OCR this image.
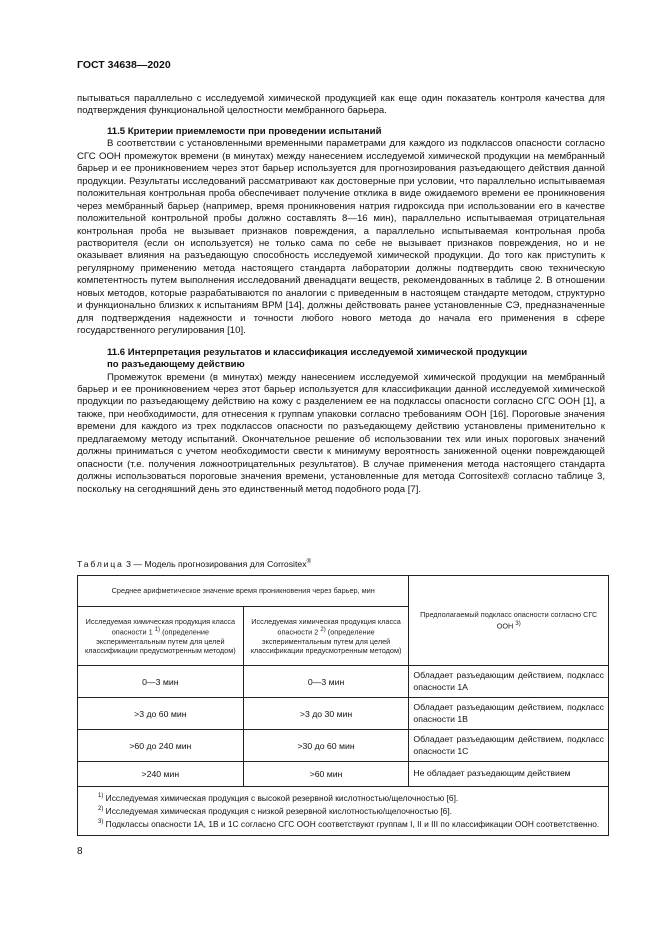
ГОСТ 34638—2020

пытываться параллельно с исследуемой химической продукцией как еще один показатель контроля качества для подтверждения функциональной целостности мембранного барьера.

11.5 Критерии приемлемости при проведении испытаний

В соответствии с установленными временными параметрами для каждого из подклассов опасности согласно СГС ООН промежуток времени (в минутах) между нанесением исследуемой химической продукции на мембранный барьер и ее проникновением через этот барьер используется для прогнозирования разъедающего действия данной продукции. Результаты исследований рассматривают как достоверные при условии, что параллельно испытываемая положительная контрольная проба обеспечивает получение отклика в виде ожидаемого времени ее проникновения через мембранный барьер (например, время проникновения натрия гидроксида при использовании его в качестве положительной контрольной пробы должно составлять 8—16 мин), параллельно испытываемая отрицательная контрольная проба не вызывает признаков повреждения, а параллельно испытываемая контрольная проба растворителя (если он используется) не только сама по себе не вызывает признаков повреждения, но и не оказывает влияния на разъедающую способность исследуемой химической продукции. До того как приступить к регулярному применению метода настоящего стандарта лаборатории должны подтвердить свою техническую компетентность путем выполнения исследований двенадцати веществ, рекомендованных в таблице 2. В отношении новых методов, которые разрабатываются по аналогии с приведенным в настоящем стандарте методом, структурно и функционально близких к испытаниям ВРМ [14], должны действовать ранее установленные СЭ, предназначенные для подтверждения надежности и точности любого нового метода до начала его применения в сфере государственного регулирования [10].

11.6 Интерпретация результатов и классификация исследуемой химической продукции
по разъедающему действию

Промежуток времени (в минутах) между нанесением исследуемой химической продукции на мембранный барьер и ее проникновением через этот барьер используется для классификации данной исследуемой химической продукции по разъедающему действию на кожу с разделением ее на подклассы опасности согласно СГС ООН [1], а также, при необходимости, для отнесения к группам упаковки согласно требованиям ООН [16]. Пороговые значения времени для каждого из трех подклассов опасности по разъедающему действию установлены применительно к предлагаемому методу испытаний. Окончательное решение об использовании тех или иных пороговых значений должны приниматься с учетом необходимости свести к минимуму вероятность заниженной оценки повреждающей опасности (т.е. получения ложноотрицательных результатов). В случае применения метода настоящего стандарта должны использоваться пороговые значения времени, установленные для метода Corrositex® согласно таблице 3, поскольку на сегодняшний день это единственный метод подобного рода [7].

Таблица 3 — Модель прогнозирования для Corrositex®
Среднее арифметическое значение время проникновения через барьер, мин		Предполагаемый подкласс опасности согласно СГС ООН $^{3)}$
Исследуемая химическая продукция класса опасности 1 $^{1)}$ (определение экспериментальным путем для целей классификации предусмотренным методом)	Исследуемая химическая продукция класса опасности 2 $^{2)}$ (определение экспериментальным путем для целей классификации предусмотренным методом)	
0—3 мин	0—3 мин	Обладает разъедающим действием, подкласс опасности 1А
>3 до 60 мин	>3 до 30 мин	Обладает разъедающим действием, подкласс опасности 1В
>60 до 240 мин	>30 до 60 мин	Обладает разъедающим действием, подкласс опасности 1С
>240 мин	>60 мин	Не обладает разъедающим действием

$^{1)}$ Исследуемая химическая продукция с высокой резервной кислотностью/щелочностью [6].
$^{2)}$ Исследуемая химическая продукция с низкой резервной кислотностью/щелочностью [6].
$^{3)}$ Подклассы опасности 1А, 1В и 1С согласно СГС ООН соответствуют группам I, II и III по классификации ООН соответственно.		
8
